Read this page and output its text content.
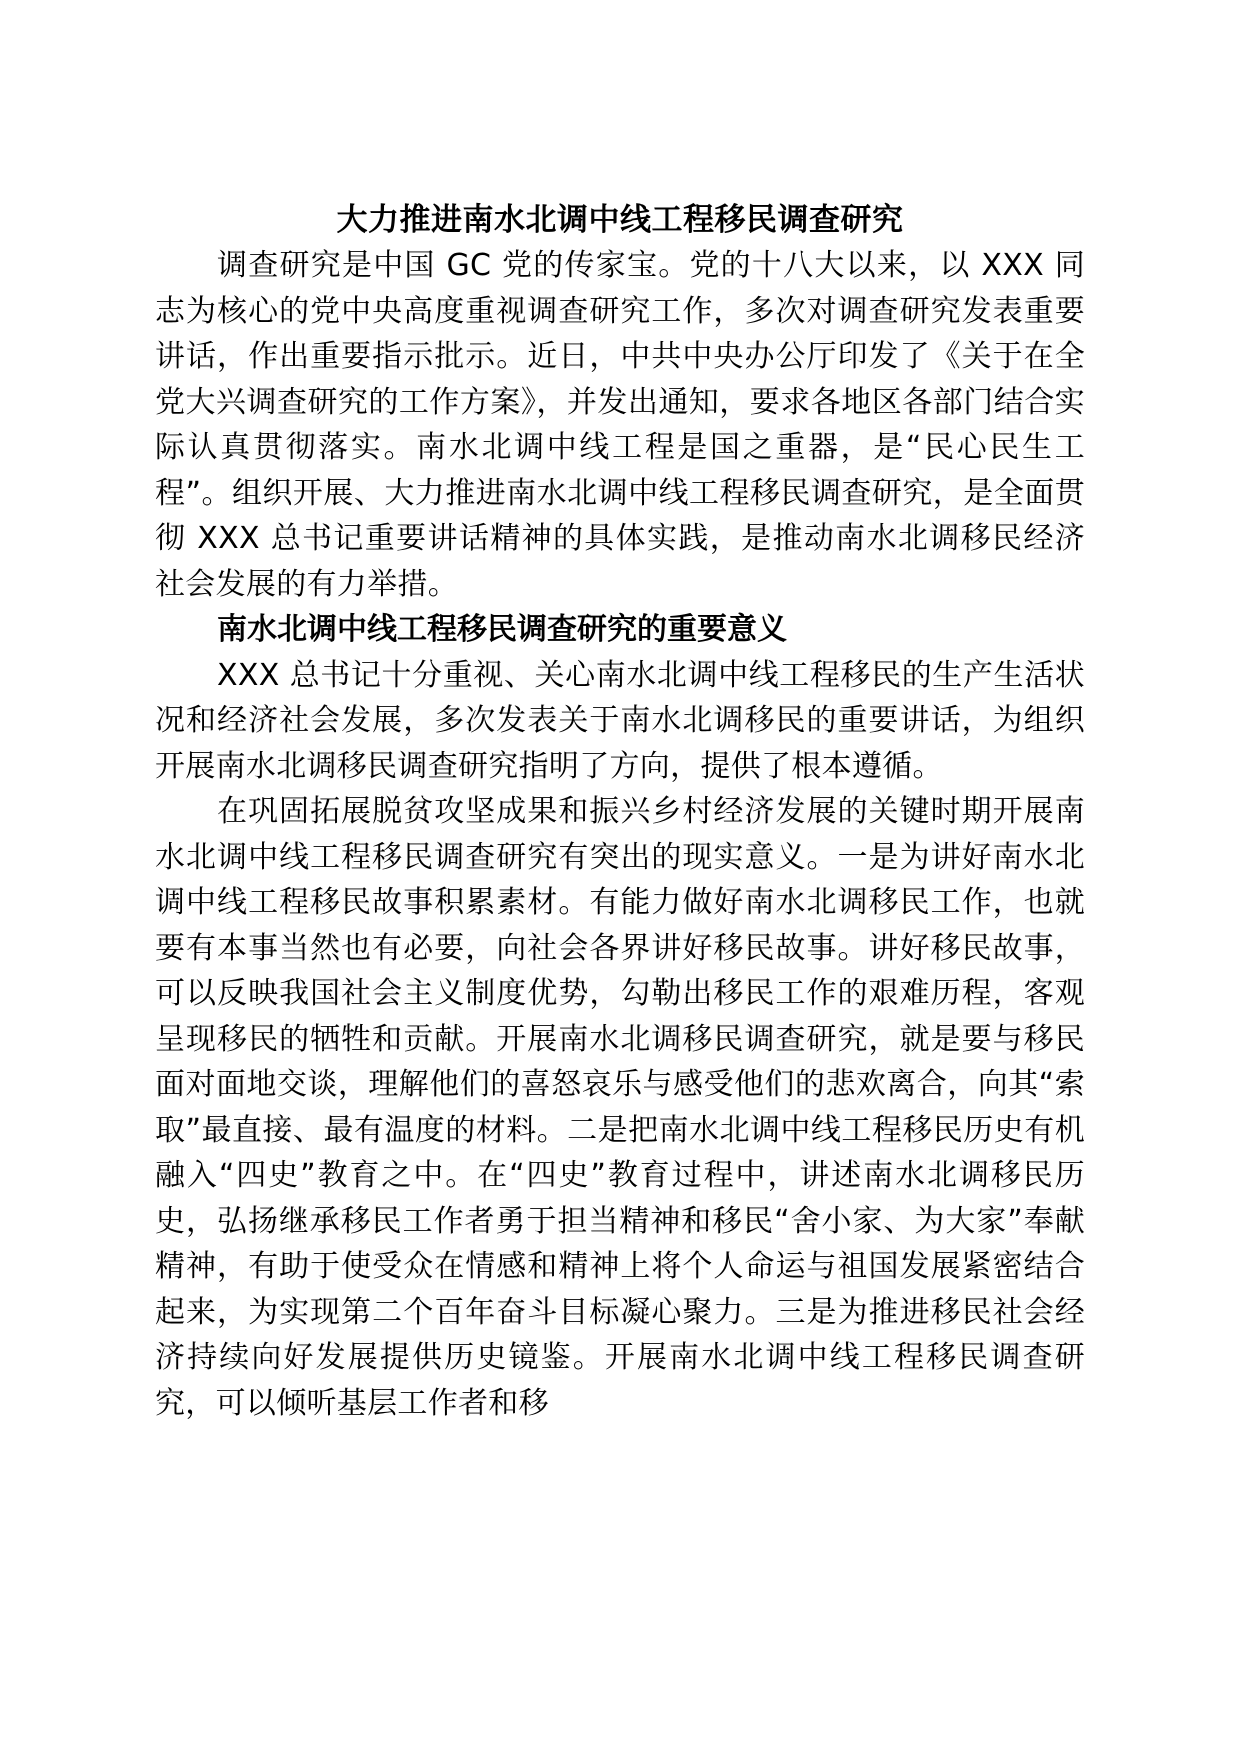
大力推进南水北调中线工程移民调查研究

调查研究是中国 GC 党的传家宝。党的十八大以来，以 XXX 同志为核心的党中央高度重视调查研究工作，多次对调查研究发表重要讲话，作出重要指示批示。近日，中共中央办公厅印发了《关于在全党大兴调查研究的工作方案》，并发出通知，要求各地区各部门结合实际认真贯彻落实。南水北调中线工程是国之重器，是“民心民生工程”。组织开展、大力推进南水北调中线工程移民调查研究，是全面贯彻 XXX 总书记重要讲话精神的具体实践，是推动南水北调移民经济社会发展的有力举措。

南水北调中线工程移民调查研究的重要意义

XXX 总书记十分重视、关心南水北调中线工程移民的生产生活状况和经济社会发展，多次发表关于南水北调移民的重要讲话，为组织开展南水北调移民调查研究指明了方向，提供了根本遵循。

在巩固拓展脱贫攻坚成果和振兴乡村经济发展的关键时期开展南水北调中线工程移民调查研究有突出的现实意义。一是为讲好南水北调中线工程移民故事积累素材。有能力做好南水北调移民工作，也就要有本事当然也有必要，向社会各界讲好移民故事。讲好移民故事，可以反映我国社会主义制度优势，勾勒出移民工作的艰难历程，客观呈现移民的牺牲和贡献。开展南水北调移民调查研究，就是要与移民面对面地交谈，理解他们的喜怒哀乐与感受他们的悲欢离合，向其“索取”最直接、最有温度的材料。二是把南水北调中线工程移民历史有机融入“四史”教育之中。在“四史”教育过程中，讲述南水北调移民历史，弘扬继承移民工作者勇于担当精神和移民“舍小家、为大家”奉献精神，有助于使受众在情感和精神上将个人命运与祖国发展紧密结合起来，为实现第二个百年奋斗目标凝心聚力。三是为推进移民社会经济持续向好发展提供历史镜鉴。开展南水北调中线工程移民调查研究，可以倾听基层工作者和移
